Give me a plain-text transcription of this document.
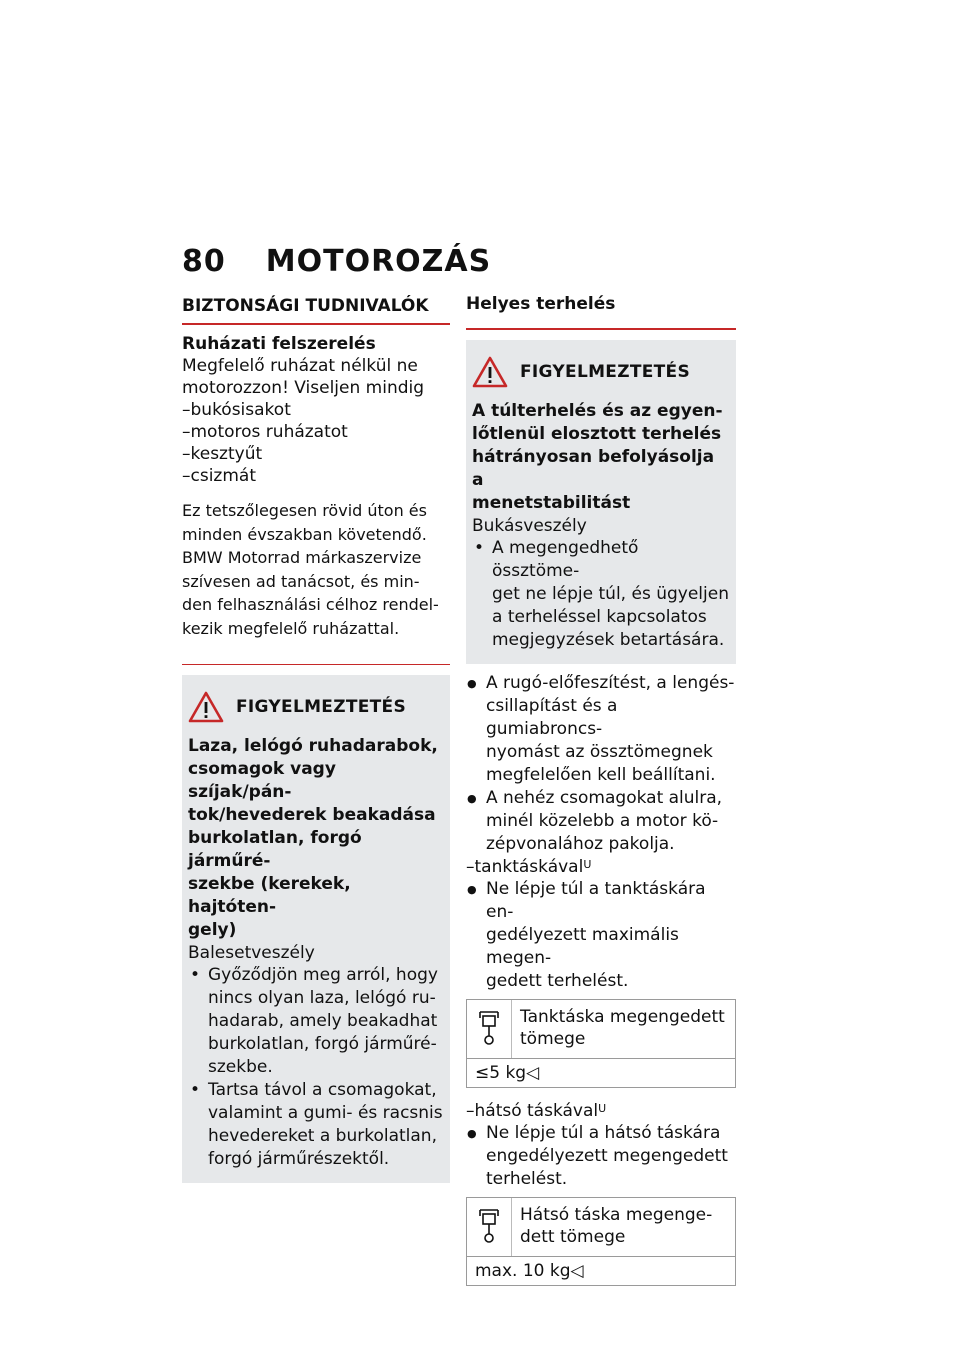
80 MOTOROZÁS
BIZTONSÁGI TUDNIVALÓK
Ruházati felszerelés

Megfelelő ruházat nélkül ne

motorozzon! Viseljen mindig

– bukósisakot
– motoros ruházatot
– kesztyűt
– csizmát
Ez tetszőlegesen rövid úton és
minden évszakban követendő.
BMW Motorrad márkaszervize
szívesen ad tanácsot, és min-
den felhasználási célhoz rendel-
kezik megfelelő ruházattal.
FIGYELMEZTETÉS
Laza, lelógó ruhadarabok,
csomagok vagy szíjak/pán-
tok/hevederek beakadása
burkolatlan, forgó járműré-
szekbe (kerekek, hajtóten-
gely)
Balesetveszély
• Győződjön meg arról, hogy
nincs olyan laza, lelógó ru-
hadarab, amely beakadhat
burkolatlan, forgó járműré-
szekbe.
• Tartsa távol a csomagokat,
valamint a gumi- és racsnis
hevedereket a burkolatlan,
forgó járműrészektől.
Helyes terhelés
FIGYELMEZTETÉS
A túlterhelés és az egyen-
lőtlenül elosztott terhelés
hátrányosan befolyásolja a
menetstabilitást
Bukásveszély
• A megengedhető össztöme-
get ne lépje túl, és ügyeljen
a terheléssel kapcsolatos
megjegyzések betartására.
● A rugó-előfeszítést, a lengés-
csillapítást és a gumiabroncs-
nyomást az össztömegnek
megfelelően kell beállítani.
● A nehéz csomagokat alulra,
minél közelebb a motor kö-
zépvonalához pakolja.
– tanktáskával$^U$
● Ne lépje túl a tanktáskára en-
gedélyezett maximális megen-
gedett terhelést.
Tanktáska megengedett
tömege
≤5 kg◁
– hátsó táskával$^U$
● Ne lépje túl a hátsó táskára
engedélyezett megengedett
terhelést.
Hátsó táska megenge-
dett tömege
max. 10 kg◁
